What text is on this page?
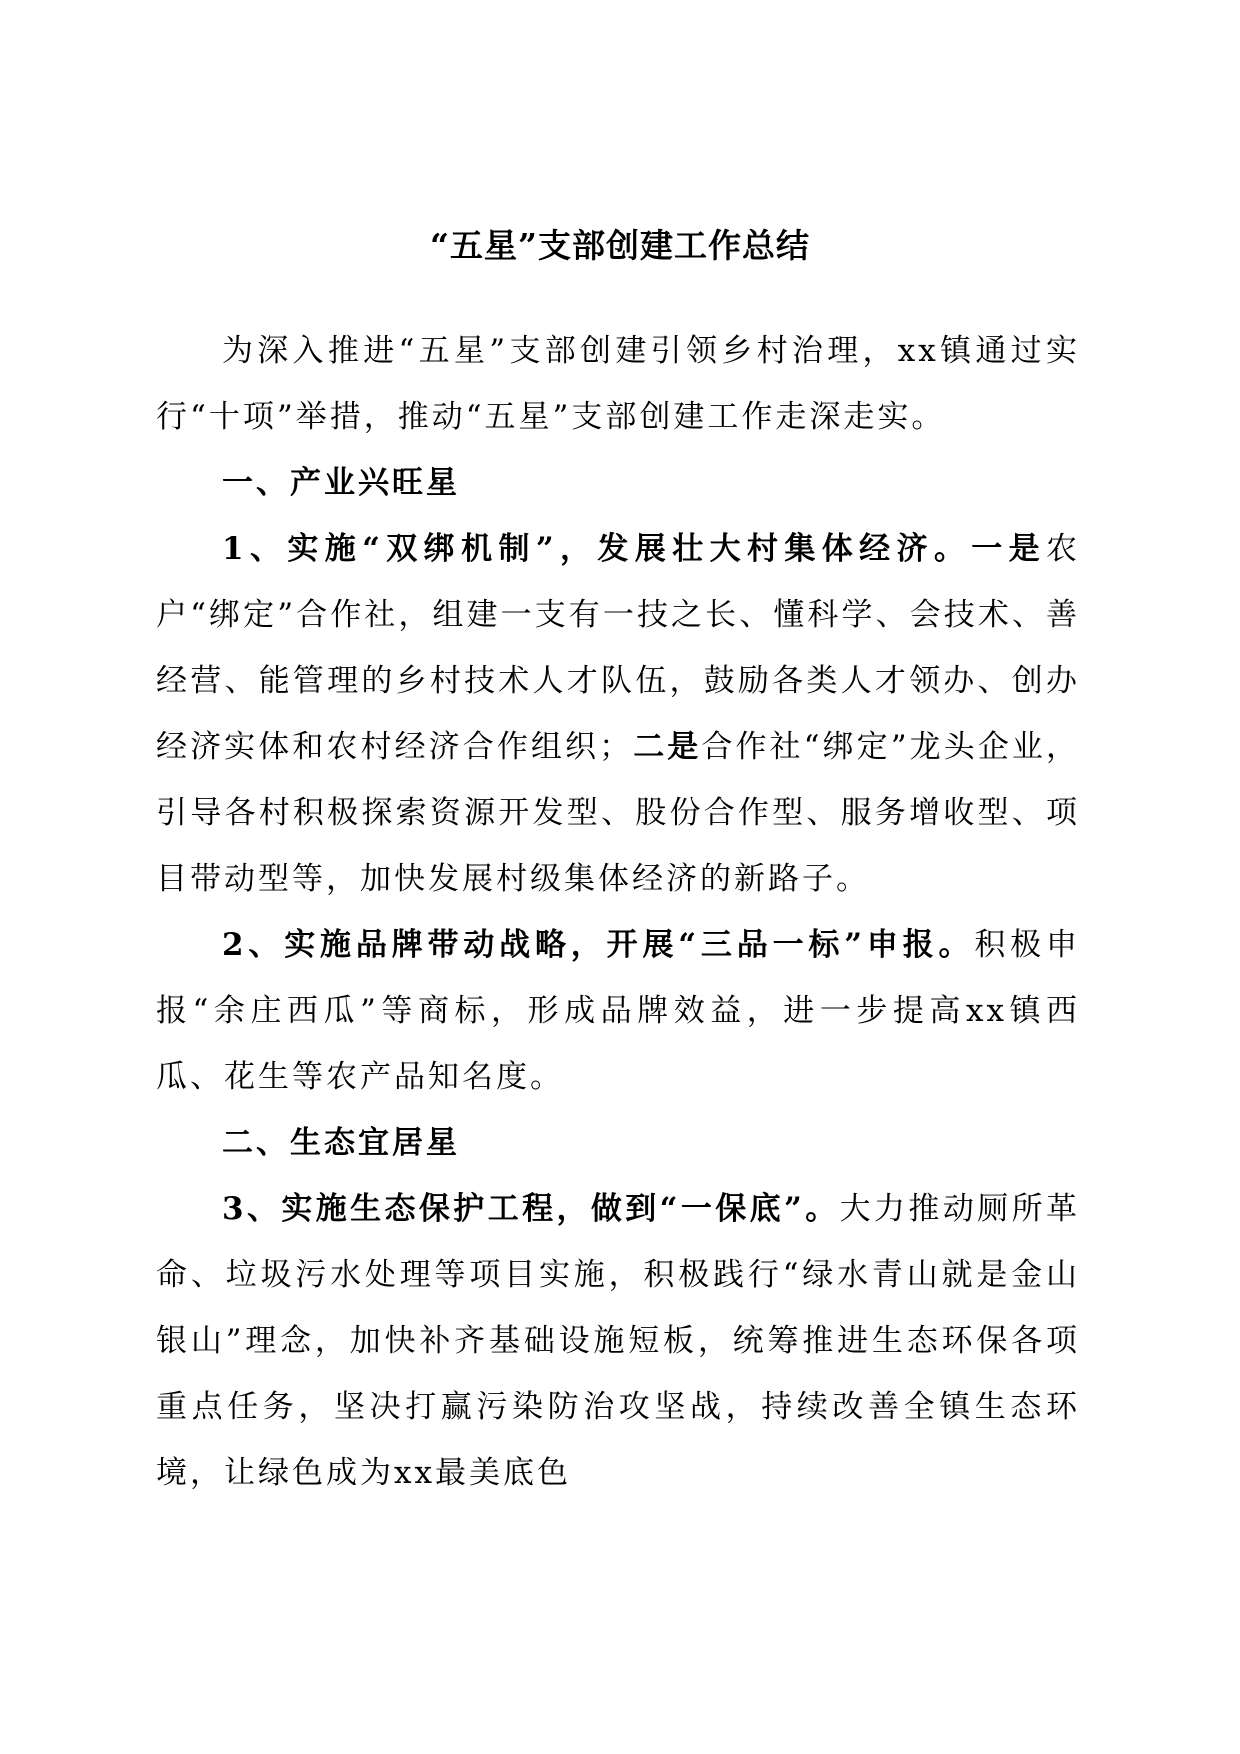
“五星”支部创建工作总结

为深入推进“五星”支部创建引领乡村治理，xx镇通过实行“十项”举措，推动“五星”支部创建工作走深走实。

一、产业兴旺星

1、实施“双绑机制”，发展壮大村集体经济。一是农户“绑定”合作社，组建一支有一技之长、懂科学、会技术、善经营、能管理的乡村技术人才队伍，鼓励各类人才领办、创办经济实体和农村经济合作组织；二是合作社“绑定”龙头企业，引导各村积极探索资源开发型、股份合作型、服务增收型、项目带动型等，加快发展村级集体经济的新路子。

2、实施品牌带动战略，开展“三品一标”申报。积极申报“余庄西瓜”等商标，形成品牌效益，进一步提高xx镇西瓜、花生等农产品知名度。

二、生态宜居星

3、实施生态保护工程，做到“一保底”。大力推动厕所革命、垃圾污水处理等项目实施，积极践行“绿水青山就是金山银山”理念，加快补齐基础设施短板，统筹推进生态环保各项重点任务，坚决打赢污染防治攻坚战，持续改善全镇生态环境，让绿色成为xx最美底色
